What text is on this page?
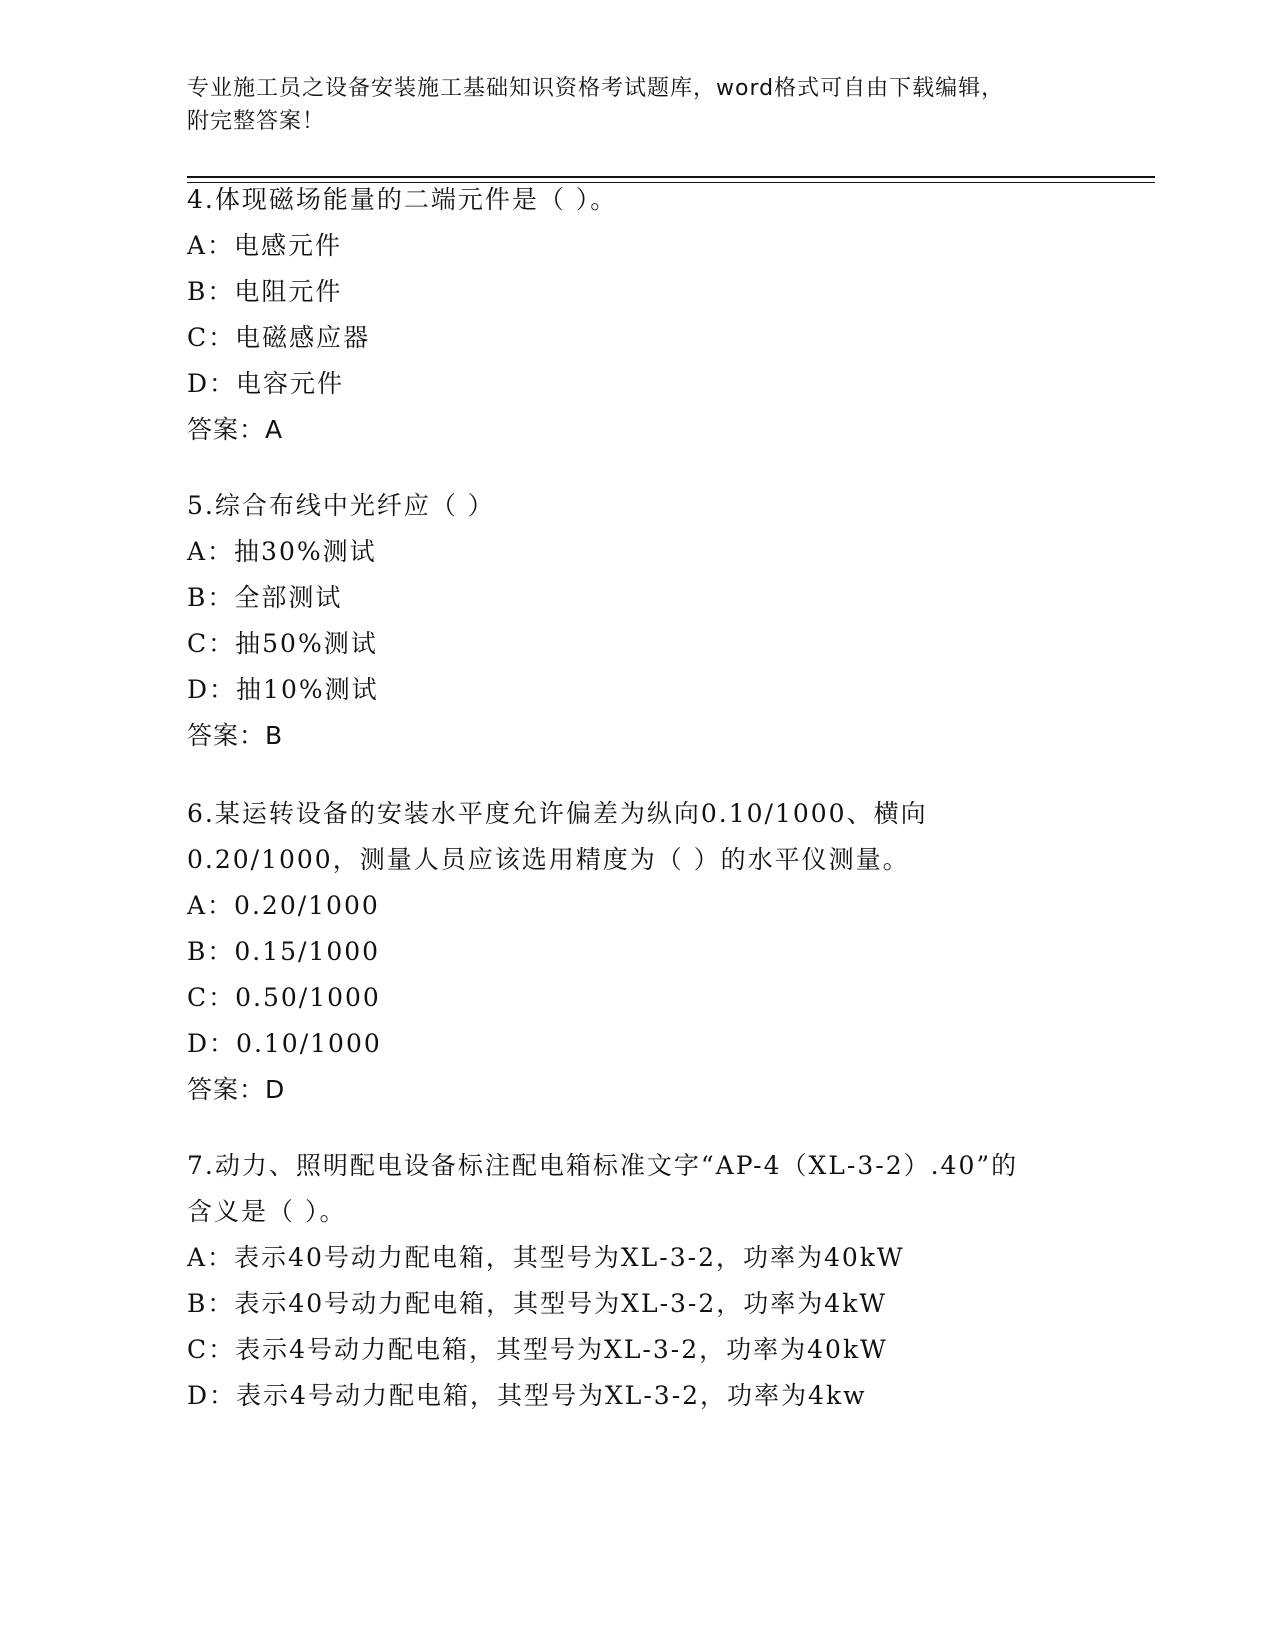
专业施工员之设备安装施工基础知识资格考试题库，word格式可自由下载编辑，
附完整答案！
4.体现磁场能量的二端元件是（ ）。
A：电感元件
B：电阻元件
C：电磁感应器
D：电容元件
答案：A
5.综合布线中光纤应（ ）
A：抽30%测试
B：全部测试
C：抽50%测试
D：抽10%测试
答案：B
6.某运转设备的安装水平度允许偏差为纵向0.10/1000、横向
0.20/1000，测量人员应该选用精度为（ ）的水平仪测量。
A：0.20/1000
B：0.15/1000
C：0.50/1000
D：0.10/1000
答案：D
7.动力、照明配电设备标注配电箱标准文字“AP-4（XL-3-2）.40”的
含义是（ ）。
A：表示40号动力配电箱，其型号为XL-3-2，功率为40kW
B：表示40号动力配电箱，其型号为XL-3-2，功率为4kW
C：表示4号动力配电箱，其型号为XL-3-2，功率为40kW
D：表示4号动力配电箱，其型号为XL-3-2，功率为4kw
